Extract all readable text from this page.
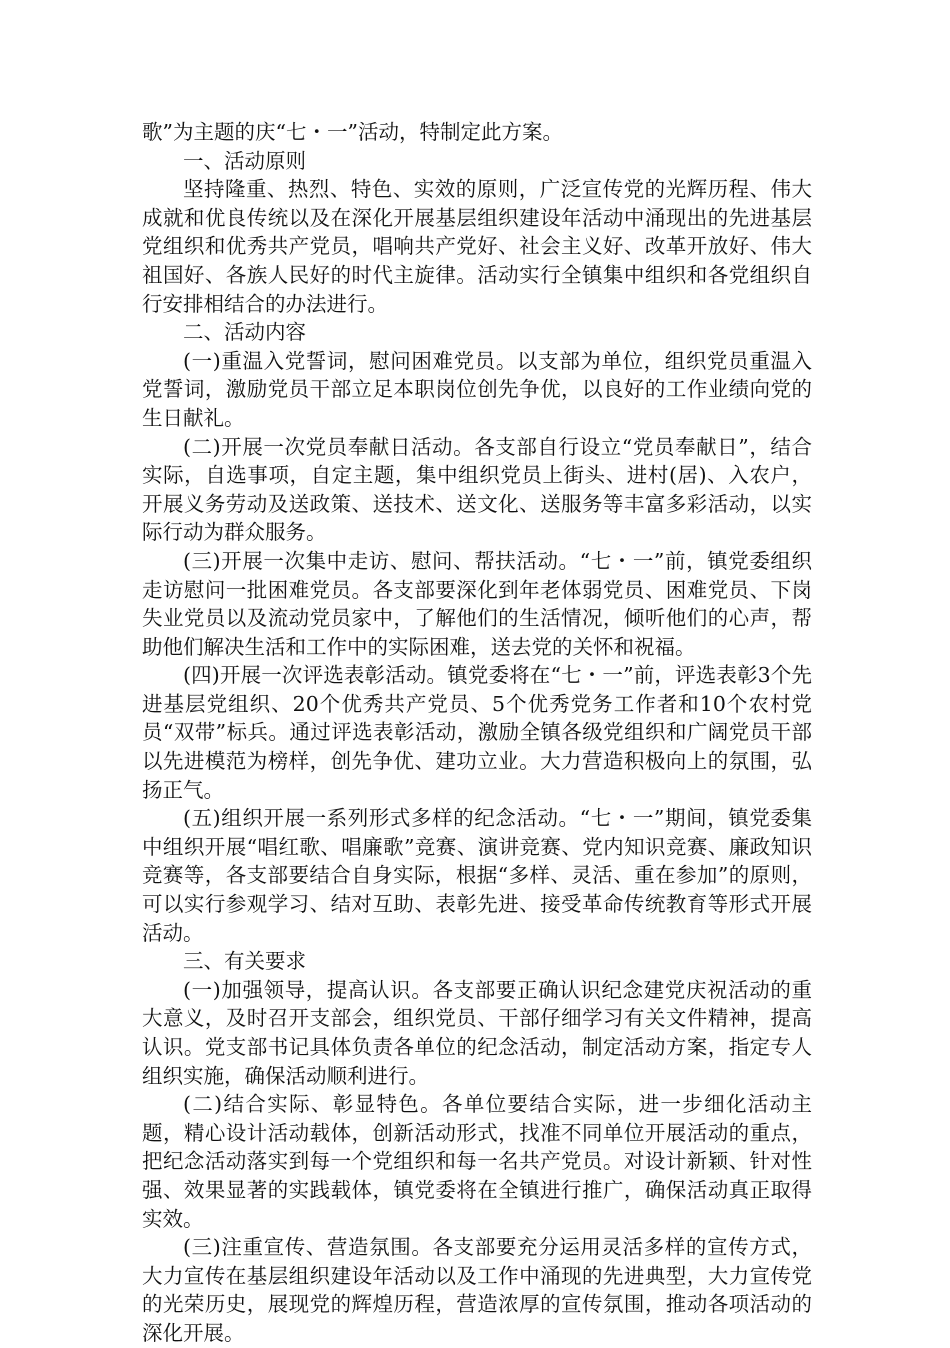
歌”为主题的庆“七・一”活动，特制定此方案。

一、活动原则

坚持隆重、热烈、特色、实效的原则，广泛宣传党的光辉历程、伟大成就和优良传统以及在深化开展基层组织建设年活动中涌现出的先进基层党组织和优秀共产党员，唱响共产党好、社会主义好、改革开放好、伟大祖国好、各族人民好的时代主旋律。活动实行全镇集中组织和各党组织自行安排相结合的办法进行。

二、活动内容

(一)重温入党誓词，慰问困难党员。以支部为单位，组织党员重温入党誓词，激励党员干部立足本职岗位创先争优，以良好的工作业绩向党的生日献礼。

(二)开展一次党员奉献日活动。各支部自行设立“党员奉献日”，结合实际，自选事项，自定主题，集中组织党员上街头、进村(居)、入农户，开展义务劳动及送政策、送技术、送文化、送服务等丰富多彩活动，以实际行动为群众服务。

(三)开展一次集中走访、慰问、帮扶活动。“七・一”前，镇党委组织走访慰问一批困难党员。各支部要深化到年老体弱党员、困难党员、下岗失业党员以及流动党员家中，了解他们的生活情况，倾听他们的心声，帮助他们解决生活和工作中的实际困难，送去党的关怀和祝福。

(四)开展一次评选表彰活动。镇党委将在“七・一”前，评选表彰3个先进基层党组织、20个优秀共产党员、5个优秀党务工作者和10个农村党员“双带”标兵。通过评选表彰活动，激励全镇各级党组织和广阔党员干部以先进模范为榜样，创先争优、建功立业。大力营造积极向上的氛围，弘扬正气。

(五)组织开展一系列形式多样的纪念活动。“七・一”期间，镇党委集中组织开展“唱红歌、唱廉歌”竞赛、演讲竞赛、党内知识竞赛、廉政知识竞赛等，各支部要结合自身实际，根据“多样、灵活、重在参加”的原则，可以实行参观学习、结对互助、表彰先进、接受革命传统教育等形式开展活动。

三、有关要求

(一)加强领导，提高认识。各支部要正确认识纪念建党庆祝活动的重大意义，及时召开支部会，组织党员、干部仔细学习有关文件精神，提高认识。党支部书记具体负责各单位的纪念活动，制定活动方案，指定专人组织实施，确保活动顺利进行。

(二)结合实际、彰显特色。各单位要结合实际，进一步细化活动主题，精心设计活动载体，创新活动形式，找准不同单位开展活动的重点，把纪念活动落实到每一个党组织和每一名共产党员。对设计新颖、针对性强、效果显著的实践载体，镇党委将在全镇进行推广，确保活动真正取得实效。

(三)注重宣传、营造氛围。各支部要充分运用灵活多样的宣传方式，大力宣传在基层组织建设年活动以及工作中涌现的先进典型，大力宣传党的光荣历史，展现党的辉煌历程，营造浓厚的宣传氛围，推动各项活动的深化开展。
